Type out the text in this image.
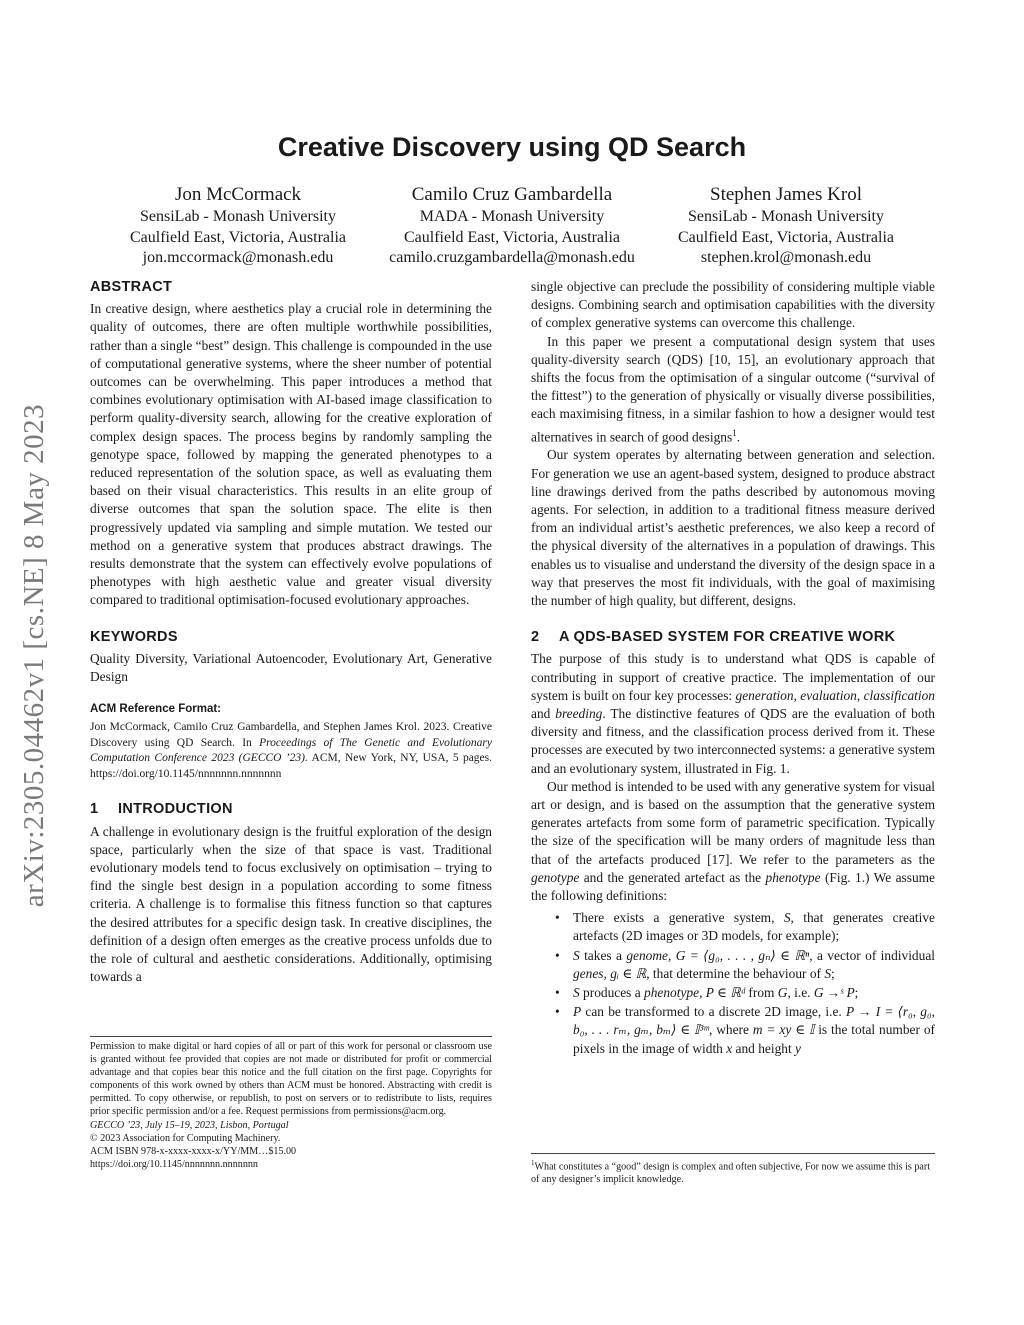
arXiv:2305.04462v1 [cs.NE] 8 May 2023
Creative Discovery using QD Search
Jon McCormack
SensiLab - Monash University
Caulfield East, Victoria, Australia
jon.mccormack@monash.edu
Camilo Cruz Gambardella
MADA - Monash University
Caulfield East, Victoria, Australia
camilo.cruzgambardella@monash.edu
Stephen James Krol
SensiLab - Monash University
Caulfield East, Victoria, Australia
stephen.krol@monash.edu
ABSTRACT

In creative design, where aesthetics play a crucial role in determining the quality of outcomes, there are often multiple worthwhile possibilities, rather than a single “best” design. This challenge is compounded in the use of computational generative systems, where the sheer number of potential outcomes can be overwhelming. This paper introduces a method that combines evolutionary optimisation with AI-based image classification to perform quality-diversity search, allowing for the creative exploration of complex design spaces. The process begins by randomly sampling the genotype space, followed by mapping the generated phenotypes to a reduced representation of the solution space, as well as evaluating them based on their visual characteristics. This results in an elite group of diverse outcomes that span the solution space. The elite is then progressively updated via sampling and simple mutation. We tested our method on a generative system that produces abstract drawings. The results demonstrate that the system can effectively evolve populations of phenotypes with high aesthetic value and greater visual diversity compared to traditional optimisation-focused evolutionary approaches.

KEYWORDS

Quality Diversity, Variational Autoencoder, Evolutionary Art, Generative Design

ACM Reference Format:

Jon McCormack, Camilo Cruz Gambardella, and Stephen James Krol. 2023. Creative Discovery using QD Search. In Proceedings of The Genetic and Evolutionary Computation Conference 2023 (GECCO ’23). ACM, New York, NY, USA, 5 pages. https://doi.org/10.1145/nnnnnnn.nnnnnnn

1	INTRODUCTION

A challenge in evolutionary design is the fruitful exploration of the design space, particularly when the size of that space is vast. Traditional evolutionary models tend to focus exclusively on optimisation – trying to find the single best design in a population according to some fitness criteria. A challenge is to formalise this fitness function so that captures the desired attributes for a specific design task. In creative disciplines, the definition of a design often emerges as the creative process unfolds due to the role of cultural and aesthetic considerations. Additionally, optimising towards a

Permission to make digital or hard copies of all or part of this work for personal or classroom use is granted without fee provided that copies are not made or distributed for profit or commercial advantage and that copies bear this notice and the full citation on the first page. Copyrights for components of this work owned by others than ACM must be honored. Abstracting with credit is permitted. To copy otherwise, or republish, to post on servers or to redistribute to lists, requires prior specific permission and/or a fee. Request permissions from permissions@acm.org.

GECCO ’23, July 15–19, 2023, Lisbon, Portugal

© 2023 Association for Computing Machinery.

ACM ISBN 978-x-xxxx-xxxx-x/YY/MM…$15.00

https://doi.org/10.1145/nnnnnnn.nnnnnnn

single objective can preclude the possibility of considering multiple viable designs. Combining search and optimisation capabilities with the diversity of complex generative systems can overcome this challenge.

In this paper we present a computational design system that uses quality-diversity search (QDS) [10, 15], an evolutionary approach that shifts the focus from the optimisation of a singular outcome (“survival of the fittest”) to the generation of physically or visually diverse possibilities, each maximising fitness, in a similar fashion to how a designer would test alternatives in search of good designs$^1$.

Our system operates by alternating between generation and selection. For generation we use an agent-based system, designed to produce abstract line drawings derived from the paths described by autonomous moving agents. For selection, in addition to a traditional fitness measure derived from an individual artist’s aesthetic preferences, we also keep a record of the physical diversity of the alternatives in a population of drawings. This enables us to visualise and understand the diversity of the design space in a way that preserves the most fit individuals, with the goal of maximising the number of high quality, but different, designs.

2	A QDS-BASED SYSTEM FOR CREATIVE WORK

The purpose of this study is to understand what QDS is capable of contributing in support of creative practice. The implementation of our system is built on four key processes: generation, evaluation, classification and breeding. The distinctive features of QDS are the evaluation of both diversity and fitness, and the classification process derived from it. These processes are executed by two interconnected systems: a generative system and an evolutionary system, illustrated in Fig. 1.

Our method is intended to be used with any generative system for visual art or design, and is based on the assumption that the generative system generates artefacts from some form of parametric specification. Typically the size of the specification will be many orders of magnitude less than that of the artefacts produced [17]. We refer to the parameters as the genotype and the generated artefact as the phenotype (Fig. 1.) We assume the following definitions:

• There exists a generative system, S, that generates creative artefacts (2D images or 3D models, for example);
• S takes a genome, G = ⟨g₀, . . . , gₙ⟩ ∈ ℝⁿ, a vector of individual genes, gᵢ ∈ ℝ, that determine the behaviour of S;
• S produces a phenotype, P ∈ ℝᵈ from G, i.e. G →ˢ P;
• P can be transformed to a discrete 2D image, i.e. P → I = ⟨r₀, g₀, b₀, . . . rₘ, gₘ, bₘ⟩ ∈ 𝕀³ᵐ, where m = xy ∈ 𝕀 is the total number of pixels in the image of width x and height y
$^1$What constitutes a “good” design is complex and often subjective, For now we assume this is part of any designer’s implicit knowledge.
